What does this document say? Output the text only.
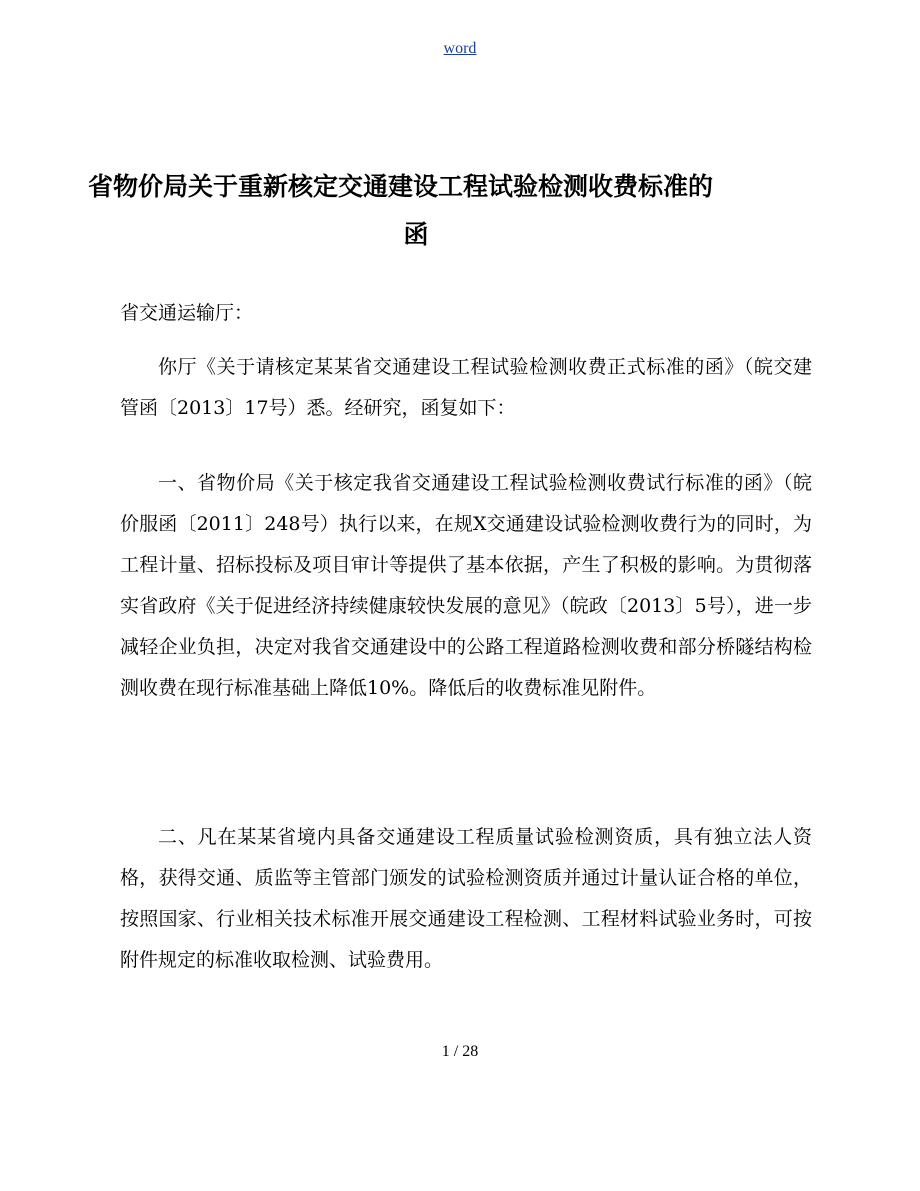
word
省物价局关于重新核定交通建设工程试验检测收费标准的
函

省交通运输厅：

你厅《关于请核定某某省交通建设工程试验检测收费正式标准的函》（皖交建管函〔2013〕17号）悉。经研究，函复如下：

一、省物价局《关于核定我省交通建设工程试验检测收费试行标准的函》（皖价服函〔2011〕248号）执行以来，在规X交通建设试验检测收费行为的同时，为工程计量、招标投标及项目审计等提供了基本依据，产生了积极的影响。为贯彻落实省政府《关于促进经济持续健康较快发展的意见》（皖政〔2013〕5号），进一步减轻企业负担，决定对我省交通建设中的公路工程道路检测收费和部分桥隧结构检测收费在现行标准基础上降低10%。降低后的收费标准见附件。

二、凡在某某省境内具备交通建设工程质量试验检测资质，具有独立法人资格，获得交通、质监等主管部门颁发的试验检测资质并通过计量认证合格的单位，按照国家、行业相关技术标准开展交通建设工程检测、工程材料试验业务时，可按附件规定的标准收取检测、试验费用。

1 / 28
